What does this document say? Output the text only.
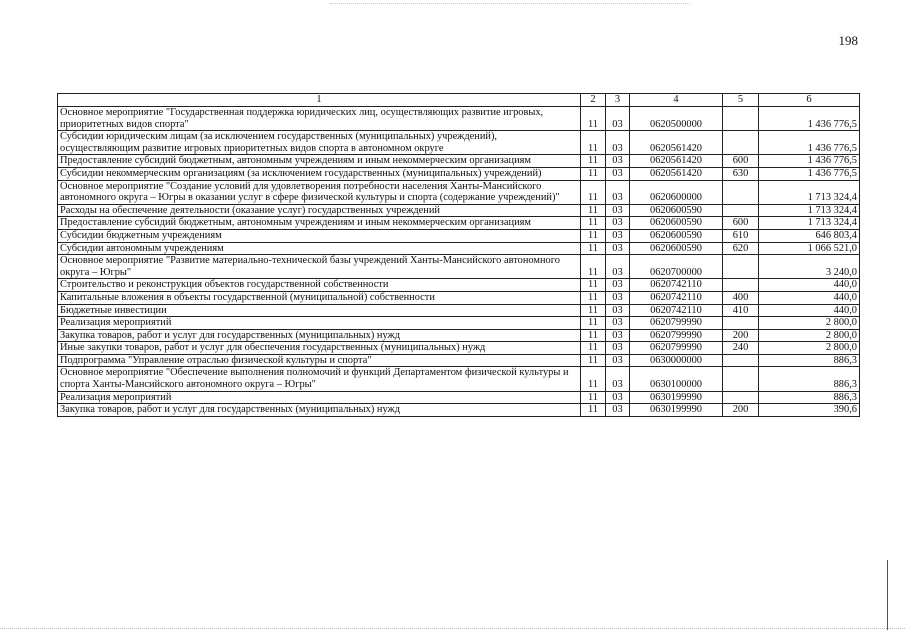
198
1	2	3	4	5	6
Основное мероприятие "Государственная поддержка юридических лиц, осуществляющих развитие игровых, приоритетных видов спорта"	11	03	0620500000		1 436 776,5
Субсидии юридическим лицам (за исключением государственных (муниципальных) учреждений), осуществляющим развитие игровых приоритетных видов спорта в автономном округе	11	03	0620561420		1 436 776,5
Предоставление субсидий бюджетным, автономным учреждениям и иным некоммерческим организациям	11	03	0620561420	600	1 436 776,5
Субсидии некоммерческим организациям (за исключением государственных (муниципальных) учреждений)	11	03	0620561420	630	1 436 776,5
Основное мероприятие "Создание условий для удовлетворения потребности населения Ханты-Мансийского автономного округа – Югры в оказании услуг в сфере физической культуры и спорта (содержание учреждений)"	11	03	0620600000		1 713 324,4
Расходы на обеспечение деятельности (оказание услуг) государственных учреждений	11	03	0620600590		1 713 324,4
Предоставление субсидий бюджетным, автономным учреждениям и иным некоммерческим организациям	11	03	0620600590	600	1 713 324,4
Субсидии бюджетным учреждениям	11	03	0620600590	610	646 803,4
Субсидии автономным учреждениям	11	03	0620600590	620	1 066 521,0
Основное мероприятие "Развитие материально-технической базы учреждений Ханты-Мансийского автономного округа – Югры"	11	03	0620700000		3 240,0
Строительство и реконструкция объектов государственной собственности	11	03	0620742110		440,0
Капитальные вложения в объекты государственной (муниципальной) собственности	11	03	0620742110	400	440,0
Бюджетные инвестиции	11	03	0620742110	410	440,0
Реализация мероприятий	11	03	0620799990		2 800,0
Закупка товаров, работ и услуг для государственных (муниципальных) нужд	11	03	0620799990	200	2 800,0
Иные закупки товаров, работ и услуг для обеспечения государственных (муниципальных) нужд	11	03	0620799990	240	2 800,0
Подпрограмма "Управление отраслью физической культуры и спорта"	11	03	0630000000		886,3
Основное мероприятие "Обеспечение выполнения полномочий и функций Департаментом физической культуры и спорта Ханты-Мансийского автономного округа – Югры"	11	03	0630100000		886,3
Реализация мероприятий	11	03	0630199990		886,3
Закупка товаров, работ и услуг для государственных (муниципальных) нужд	11	03	0630199990	200	390,6
